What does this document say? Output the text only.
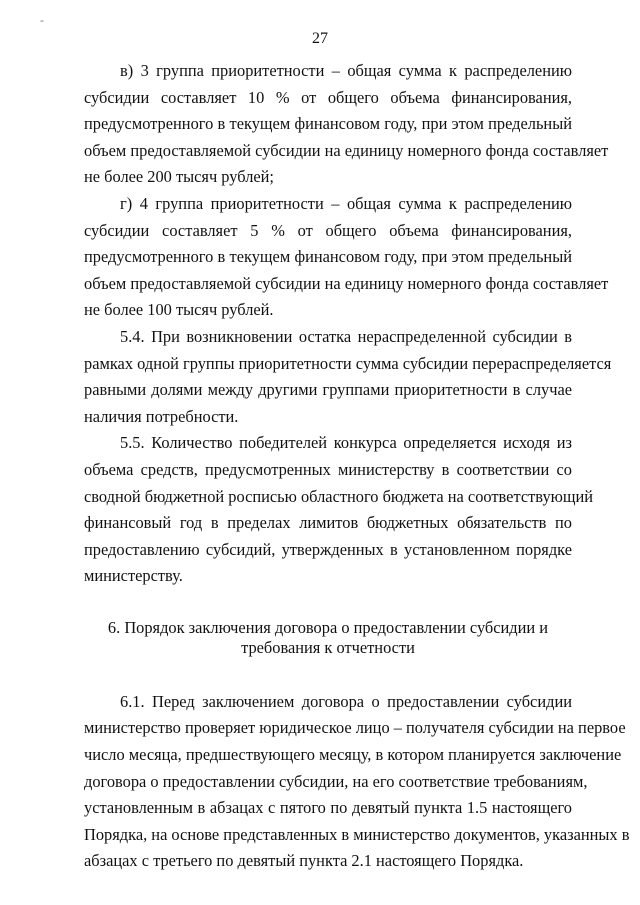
-
27
в) 3 группа приоритетности – общая сумма к распределению
субсидии составляет 10 % от общего объема финансирования,
предусмотренного в текущем финансовом году, при этом предельный
объем предоставляемой субсидии на единицу номерного фонда составляет
не более 200 тысяч рублей;
г) 4 группа приоритетности – общая сумма к распределению
субсидии составляет 5 % от общего объема финансирования,
предусмотренного в текущем финансовом году, при этом предельный
объем предоставляемой субсидии на единицу номерного фонда составляет
не более 100 тысяч рублей.
5.4. При возникновении остатка нераспределенной субсидии в
рамках одной группы приоритетности сумма субсидии перераспределяется
равными долями между другими группами приоритетности в случае
наличия потребности.
5.5. Количество победителей конкурса определяется исходя из
объема средств, предусмотренных министерству в соответствии со
сводной бюджетной росписью областного бюджета на соответствующий
финансовый год в пределах лимитов бюджетных обязательств по
предоставлению субсидий, утвержденных в установленном порядке
министерству.
6. Порядок заключения договора о предоставлении субсидии и
требования к отчетности
6.1. Перед заключением договора о предоставлении субсидии
министерство проверяет юридическое лицо – получателя субсидии на первое
число месяца, предшествующего месяцу, в котором планируется заключение
договора о предоставлении субсидии, на его соответствие требованиям,
установленным в абзацах с пятого по девятый пункта 1.5 настоящего
Порядка, на основе представленных в министерство документов, указанных в
абзацах с третьего по девятый пункта 2.1 настоящего Порядка.
